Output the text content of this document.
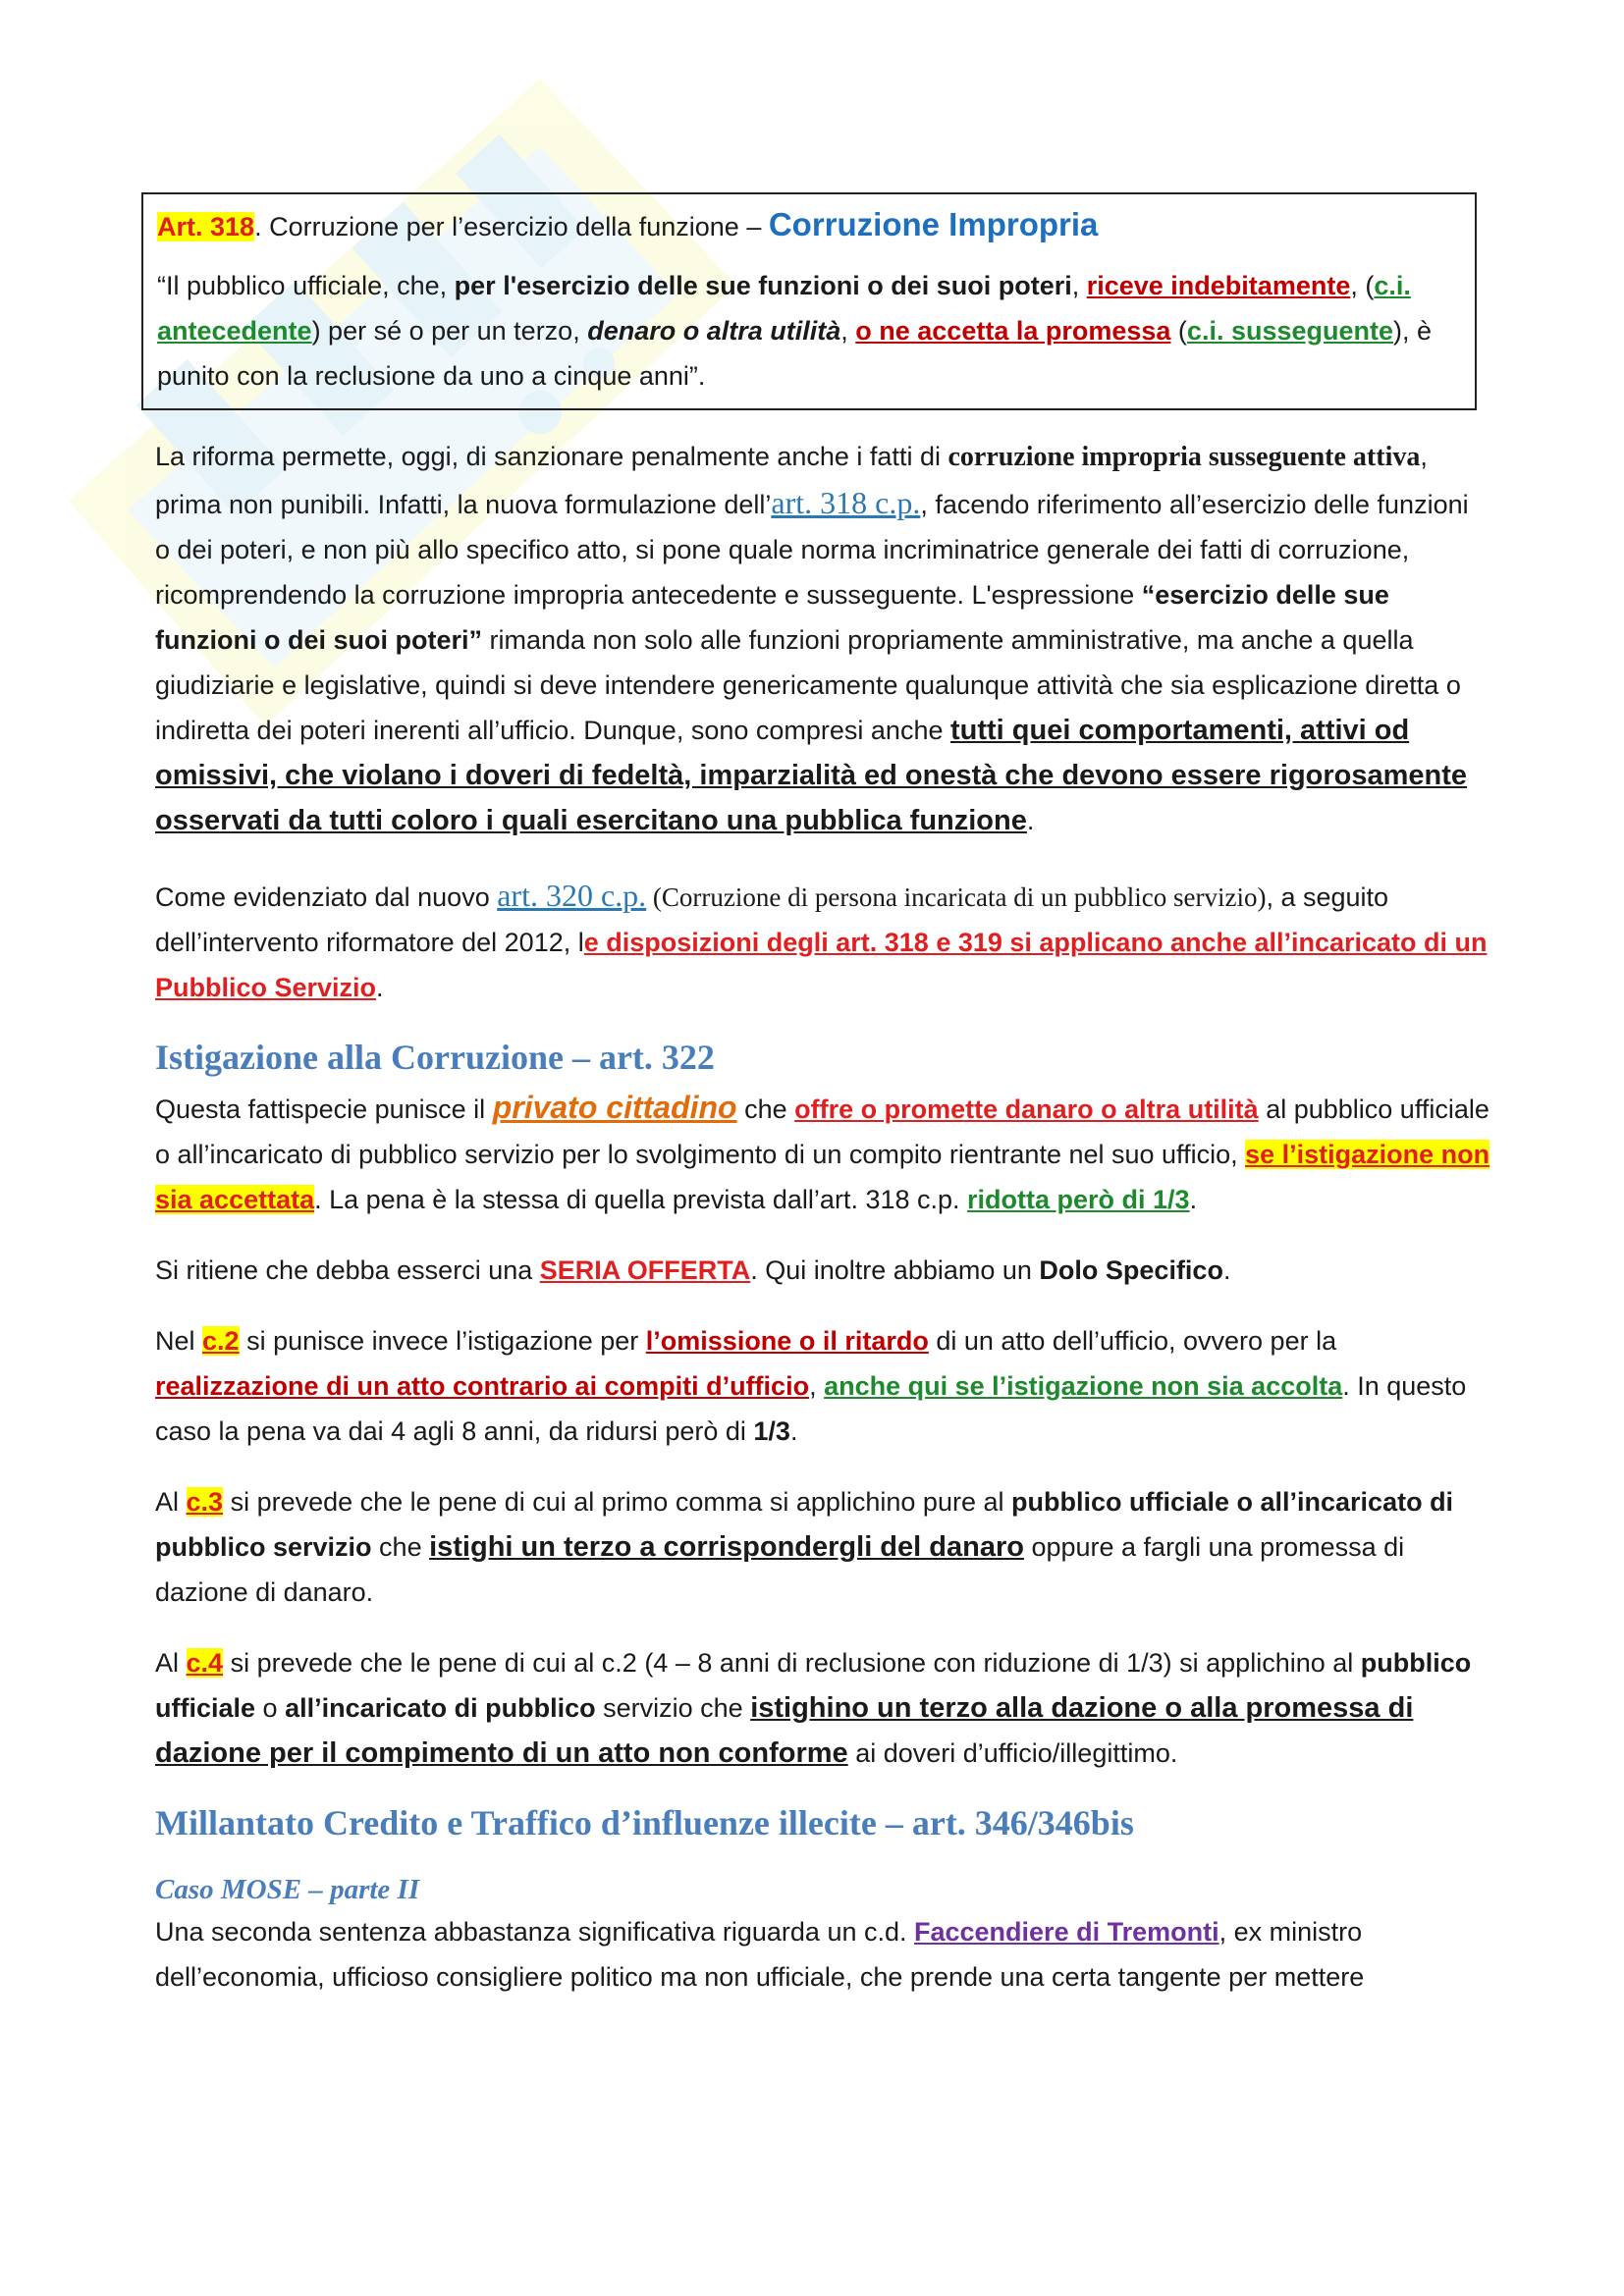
Art. 318. Corruzione per l’esercizio della funzione – Corruzione Impropria

“Il pubblico ufficiale, che, per l'esercizio delle sue funzioni o dei suoi poteri, riceve indebitamente, (c.i. antecedente) per sé o per un terzo, denaro o altra utilità, o ne accetta la promessa (c.i. susseguente), è punito con la reclusione da uno a cinque anni”.

La riforma permette, oggi, di sanzionare penalmente anche i fatti di corruzione impropria susseguente attiva, prima non punibili. Infatti, la nuova formulazione dell’art. 318 c.p., facendo riferimento all’esercizio delle funzioni o dei poteri, e non più allo specifico atto, si pone quale norma incriminatrice generale dei fatti di corruzione, ricomprendendo la corruzione impropria antecedente e susseguente. L'espressione “esercizio delle sue funzioni o dei suoi poteri” rimanda non solo alle funzioni propriamente amministrative, ma anche a quella giudiziarie e legislative, quindi si deve intendere genericamente qualunque attività che sia esplicazione diretta o indiretta dei poteri inerenti all’ufficio. Dunque, sono compresi anche tutti quei comportamenti, attivi od omissivi, che violano i doveri di fedeltà, imparzialità ed onestà che devono essere rigorosamente osservati da tutti coloro i quali esercitano una pubblica funzione.

Come evidenziato dal nuovo art. 320 c.p. (Corruzione di persona incaricata di un pubblico servizio), a seguito dell’intervento riformatore del 2012, le disposizioni degli art. 318 e 319 si applicano anche all’incaricato di un Pubblico Servizio.

Istigazione alla Corruzione – art. 322

Questa fattispecie punisce il privato cittadino che offre o promette danaro o altra utilità al pubblico ufficiale o all’incaricato di pubblico servizio per lo svolgimento di un compito rientrante nel suo ufficio, se l’istigazione non sia accettata. La pena è la stessa di quella prevista dall’art. 318 c.p. ridotta però di 1/3.

Si ritiene che debba esserci una SERIA OFFERTA. Qui inoltre abbiamo un Dolo Specifico.

Nel c.2 si punisce invece l’istigazione per l’omissione o il ritardo di un atto dell’ufficio, ovvero per la realizzazione di un atto contrario ai compiti d’ufficio, anche qui se l’istigazione non sia accolta. In questo caso la pena va dai 4 agli 8 anni, da ridursi però di 1/3.

Al c.3 si prevede che le pene di cui al primo comma si applichino pure al pubblico ufficiale o all’incaricato di pubblico servizio che istighi un terzo a corrispondergli del danaro oppure a fargli una promessa di dazione di danaro.

Al c.4 si prevede che le pene di cui al c.2 (4 – 8 anni di reclusione con riduzione di 1/3) si applichino al pubblico ufficiale o all’incaricato di pubblico servizio che istighino un terzo alla dazione o alla promessa di dazione per il compimento di un atto non conforme ai doveri d’ufficio/illegittimo.

Millantato Credito e Traffico d’influenze illecite – art. 346/346bis
Caso MOSE – parte II

Una seconda sentenza abbastanza significativa riguarda un c.d. Faccendiere di Tremonti, ex ministro dell’economia, ufficioso consigliere politico ma non ufficiale, che prende una certa tangente per mettere
